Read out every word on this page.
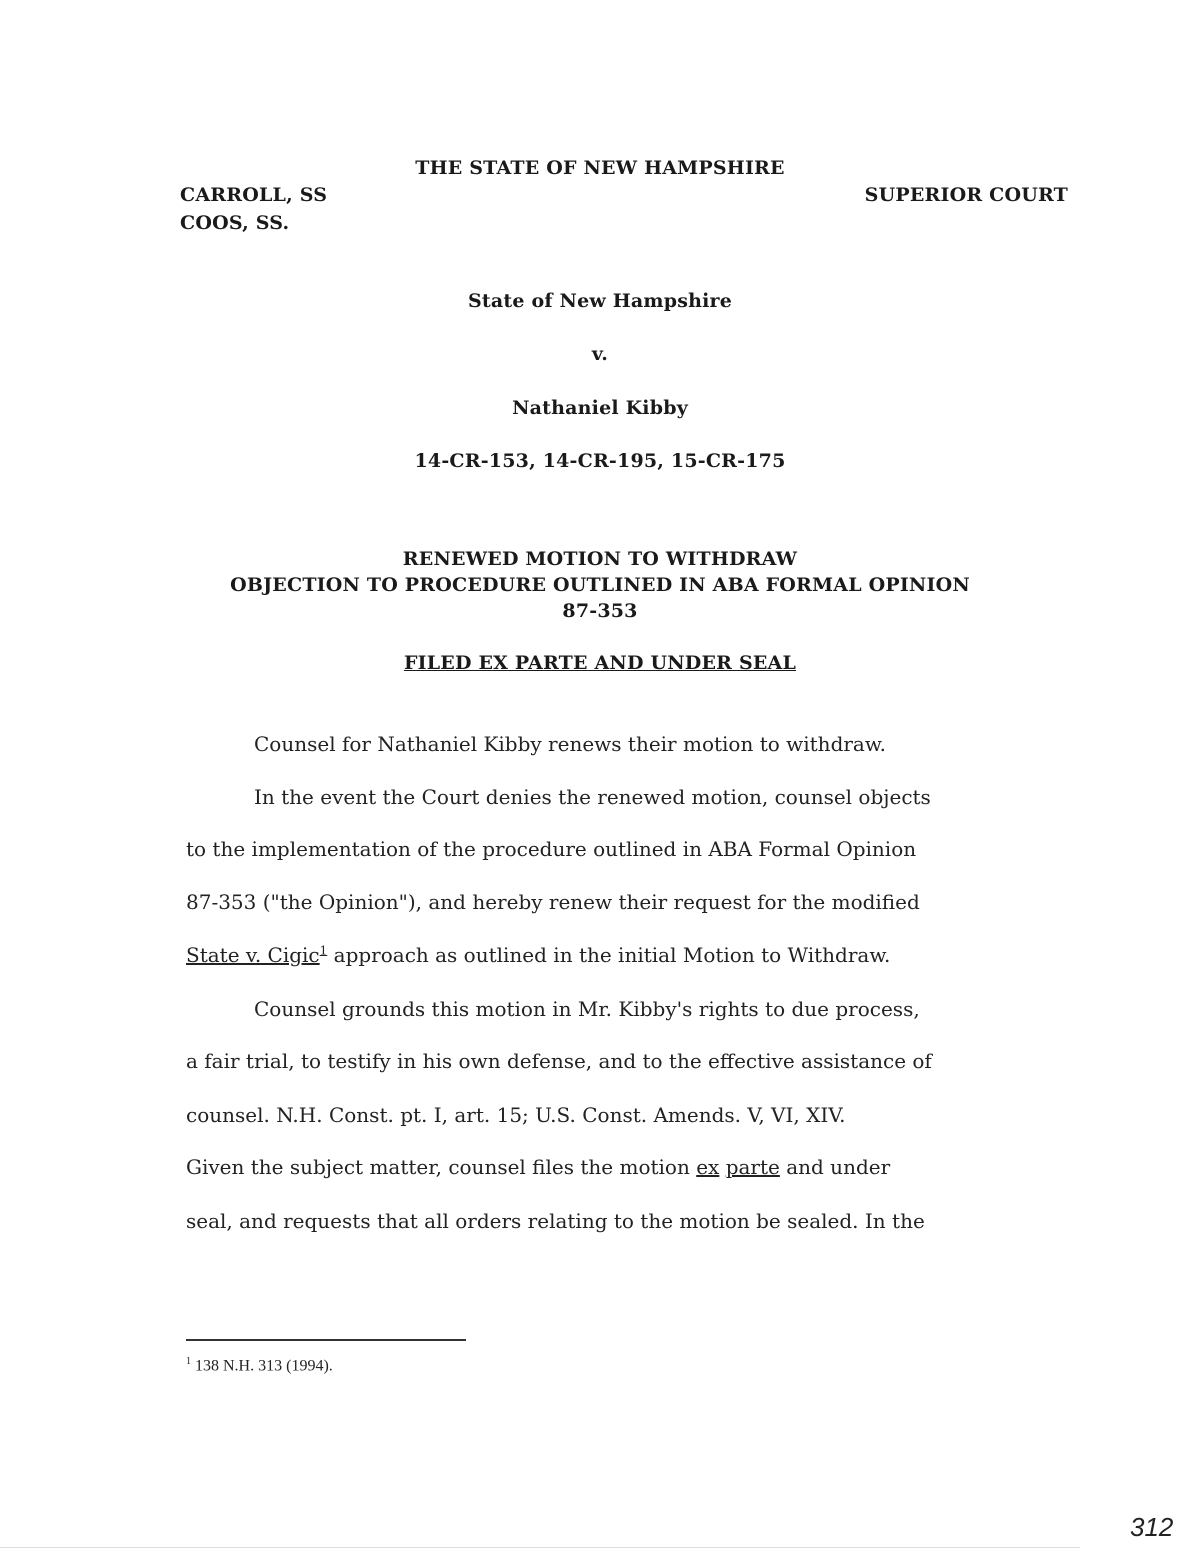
THE STATE OF NEW HAMPSHIRE
CARROLL, SS
COOS, SS.
SUPERIOR COURT
State of New Hampshire
v.
Nathaniel Kibby
14-CR-153, 14-CR-195, 15-CR-175
RENEWED MOTION TO WITHDRAW
OBJECTION TO PROCEDURE OUTLINED IN ABA FORMAL OPINION
87-353
FILED EX PARTE AND UNDER SEAL
Counsel for Nathaniel Kibby renews their motion to withdraw.
In the event the Court denies the renewed motion, counsel objects
to the implementation of the procedure outlined in ABA Formal Opinion
87-353 ("the Opinion"), and hereby renew their request for the modified
State v. Cigic$^1$ approach as outlined in the initial Motion to Withdraw.
Counsel grounds this motion in Mr. Kibby's rights to due process,
a fair trial, to testify in his own defense, and to the effective assistance of
counsel. N.H. Const. pt. I, art. 15; U.S. Const. Amends. V, VI, XIV.
Given the subject matter, counsel files the motion ex parte and under
seal, and requests that all orders relating to the motion be sealed. In the
$^1$ 138 N.H. 313 (1994).
312
